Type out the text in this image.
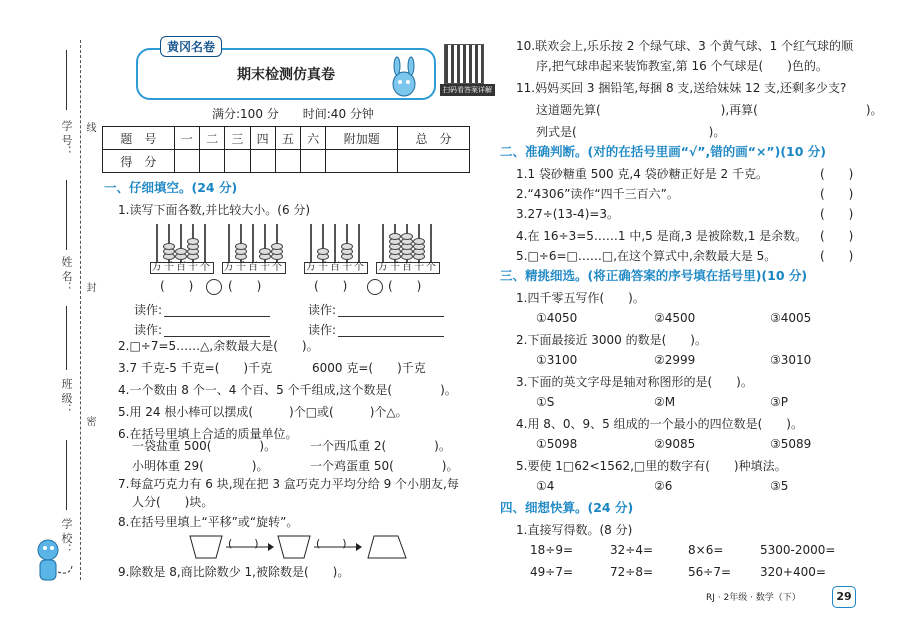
学 号： 线
姓 名： 封
班 级：
密
学 校：
期末检测仿真卷
黄冈名卷
扫码看答案详解
满分:100 分　　时间:40 分钟
题　号	一	二	三	四	五	六	附加题	总　分
得　分								
一、仔细填空。(24 分)
1.读写下面各数,并比较大小。(6 分)
万千百十个 万千百十个 万千百十个 万千百十个
(　　)	(　　)	(　　)	(　　)
读作:	读作:
读作:	读作:
2.□÷7=5……△,余数最大是(　　)。
3.7 千克-5 千克=(　　)千克	6000 克=(　　)千克
4.一个数由 8 个一、4 个百、5 个千组成,这个数是(　　　　)。
5.用 24 根小棒可以摆成(　　　)个□或(　　　)个△。
6.在括号里填上合适的质量单位。
一袋盐重 500(　　　　)。	一个西瓜重 2(　　　　)。
小明体重 29(　　　　)。	一个鸡蛋重 50(　　　　)。
7.每盒巧克力有 6 块,现在把 3 盒巧克力平均分给 9 个小朋友,每
人分(　　)块。
8.在括号里填上“平移”或“旋转”。
(　　)	(　　)
9.除数是 8,商比除数少 1,被除数是(　　)。
10.联欢会上,乐乐按 2 个绿气球、3 个黄气球、1 个红气球的顺
序,把气球串起来装饰教室,第 16 个气球是(　　)色的。
11.妈妈买回 3 捆铅笔,每捆 8 支,送给妹妹 12 支,还剩多少支?
这道题先算(　　　　　　　　　　),再算(　　　　　　　　　)。
列式是(　　　　　　　　　　　)。
二、准确判断。(对的在括号里画“√”,错的画“×”)(10 分)
1.1 袋砂糖重 500 克,4 袋砂糖正好是 2 千克。	(　　)
2.“4306”读作“四千三百六”。	(　　)
3.27÷(13-4)=3。	(　　)
4.在 16÷3=5……1 中,5 是商,3 是被除数,1 是余数。 (　　)
5.□÷6=□……□,在这个算式中,余数最大是 5。	(　　)
三、精挑细选。(将正确答案的序号填在括号里)(10 分)
1.四千零五写作(　　)。
①4050	②4500	③4005
2.下面最接近 3000 的数是(　　)。
①3100	②2999	③3010
3.下面的英文字母是轴对称图形的是(　　)。
①S	②M	③P
4.用 8、0、9、5 组成的一个最小的四位数是(　　)。
①5098	②9085	③5089
5.要使 1□62<1562,□里的数字有(　　)种填法。
①4	②6	③5
四、细想快算。(24 分)
1.直接写得数。(8 分)
18÷9=	32÷4=	8×6=	5300-2000=
49÷7=	72÷8=	56÷7= 320+400=
RJ · 2年级 · 数学（下）	29
